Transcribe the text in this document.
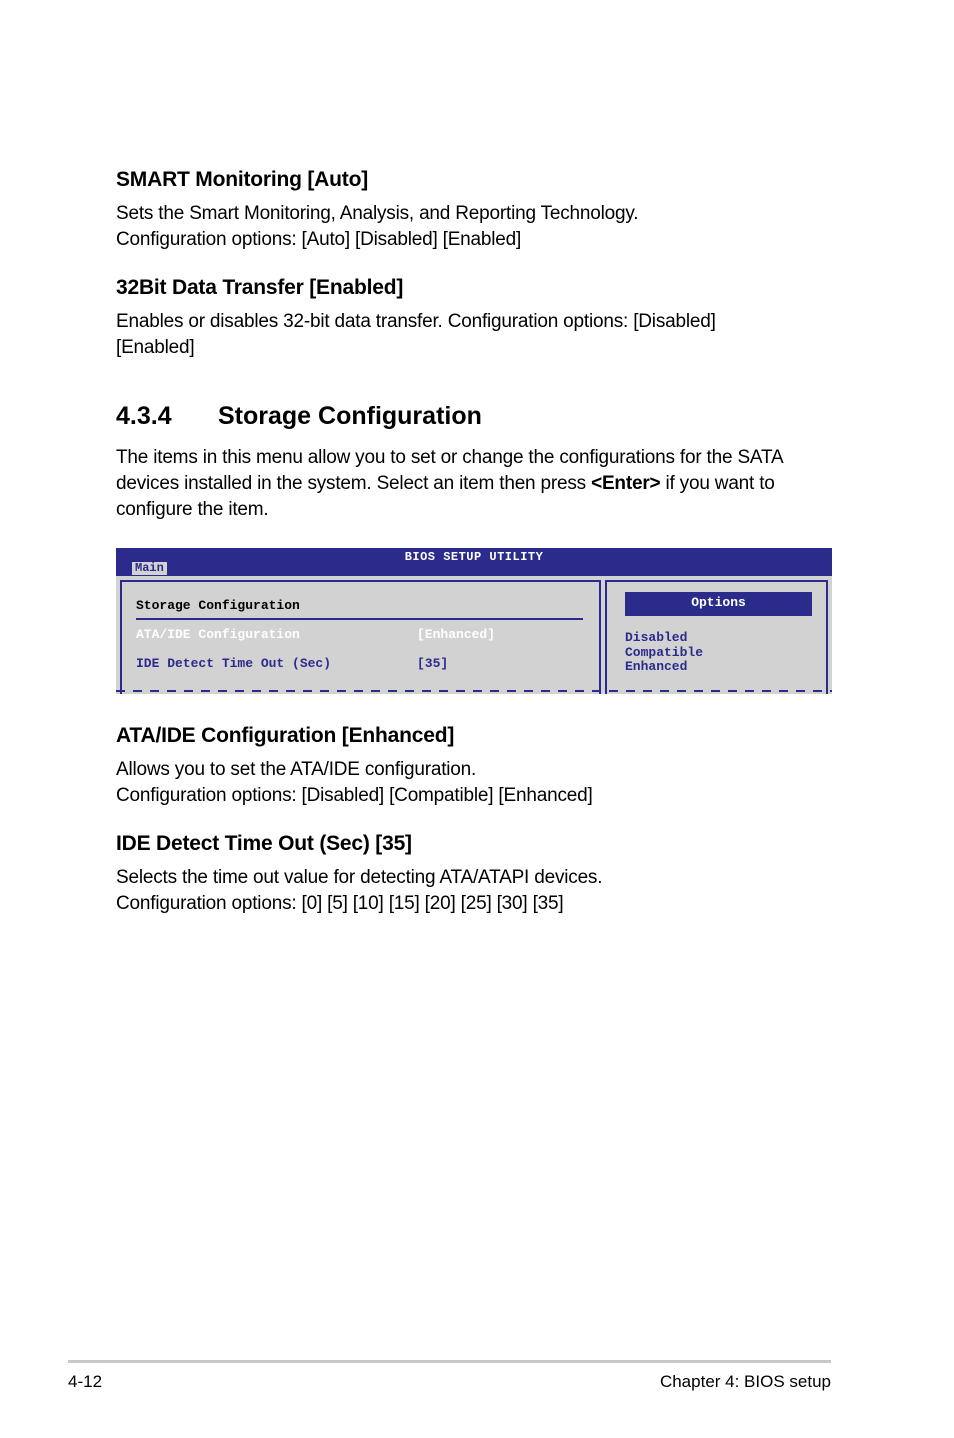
SMART Monitoring [Auto]
Sets the Smart Monitoring, Analysis, and Reporting Technology.
Configuration options: [Auto] [Disabled] [Enabled]
32Bit Data Transfer [Enabled]
Enables or disables 32-bit data transfer. Configuration options: [Disabled]
[Enabled]
4.3.4 Storage Configuration
The items in this menu allow you to set or change the configurations for the SATA
devices installed in the system. Select an item then press <Enter> if you want to
configure the item.
BIOS SETUP UTILITY
Main
Storage Configuration
ATA/IDE Configuration	[Enhanced]
IDE Detect Time Out (Sec)	[35]
Options
Disabled
Compatible
Enhanced
ATA/IDE Configuration [Enhanced]
Allows you to set the ATA/IDE configuration.
Configuration options: [Disabled] [Compatible] [Enhanced]
IDE Detect Time Out (Sec) [35]
Selects the time out value for detecting ATA/ATAPI devices.
Configuration options: [0] [5] [10] [15] [20] [25] [30] [35]
4-12	Chapter 4: BIOS setup
